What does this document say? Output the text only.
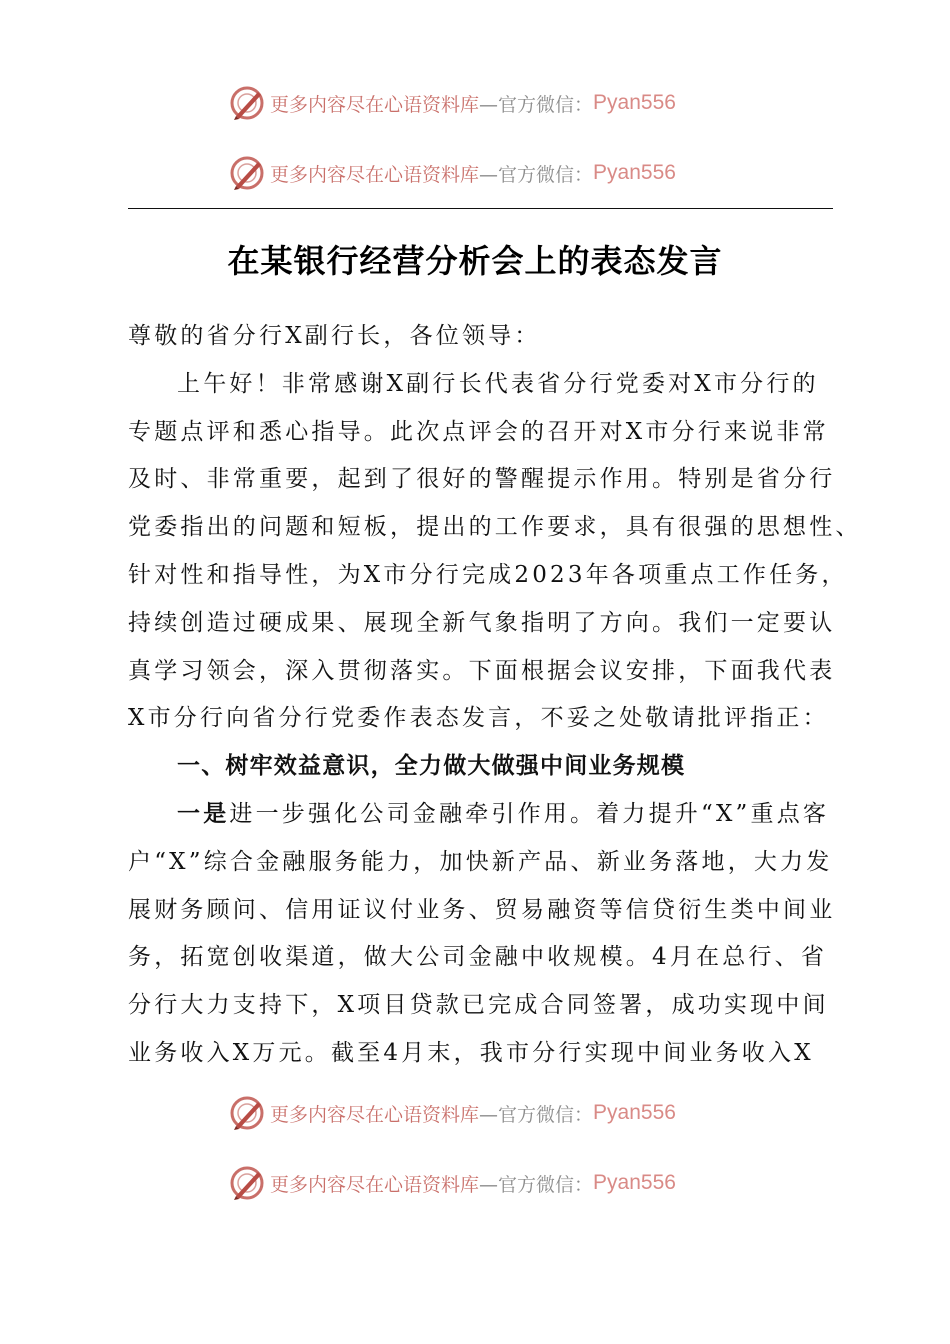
更多内容尽在心语资料库 —官方微信： Pyan556
更多内容尽在心语资料库 —官方微信： Pyan556
在某银行经营分析会上的表态发言
尊敬的省分行X副行长，各位领导：
上午好！非常感谢X副行长代表省分行党委对X市分行的
专题点评和悉心指导。此次点评会的召开对X市分行来说非常
及时、非常重要，起到了很好的警醒提示作用。特别是省分行
党委指出的问题和短板，提出的工作要求，具有很强的思想性、
针对性和指导性，为X市分行完成2023年各项重点工作任务，
持续创造过硬成果、展现全新气象指明了方向。我们一定要认
真学习领会，深入贯彻落实。下面根据会议安排，下面我代表
X市分行向省分行党委作表态发言，不妥之处敬请批评指正：
一、树牢效益意识，全力做大做强中间业务规模
一是进一步强化公司金融牵引作用。着力提升“X”重点客
户“X”综合金融服务能力，加快新产品、新业务落地，大力发
展财务顾问、信用证议付业务、贸易融资等信贷衍生类中间业
务，拓宽创收渠道，做大公司金融中收规模。4月在总行、省
分行大力支持下，X项目贷款已完成合同签署，成功实现中间
业务收入X万元。截至4月末，我市分行实现中间业务收入X
更多内容尽在心语资料库 —官方微信： Pyan556
更多内容尽在心语资料库 —官方微信： Pyan556
